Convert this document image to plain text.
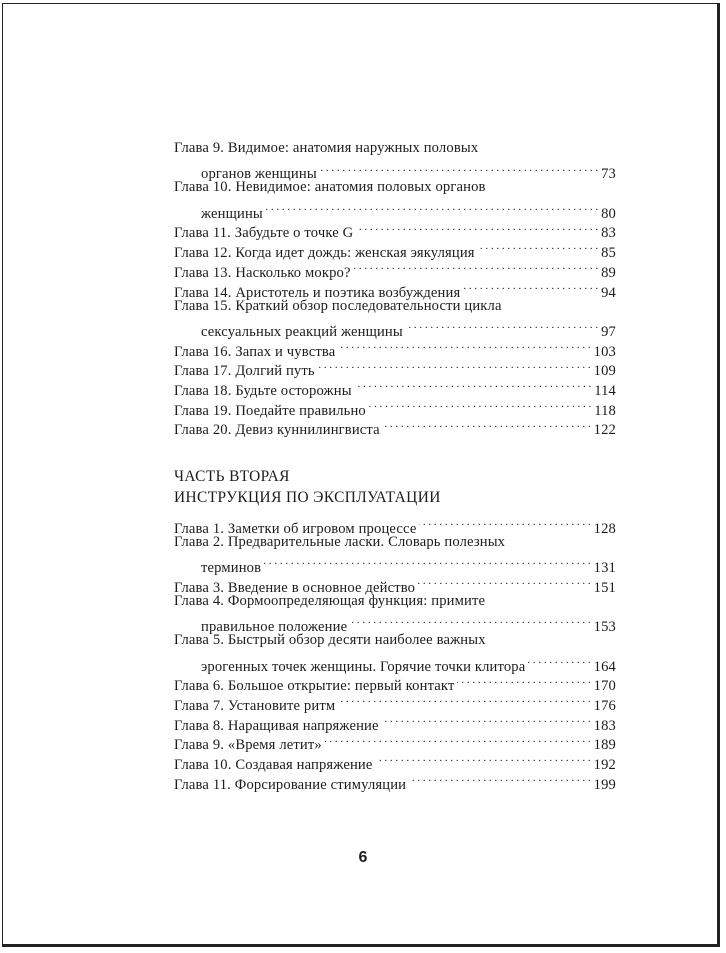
Глава 9. Видимое: анатомия наружных половых
органов женщины . . .	73
Глава 10. Невидимое: анатомия половых органов
женщины . . .	80
Глава 11. Забудьте о точке G . . .	83
Глава 12. Когда идет дождь: женская эякуляция . . .	85
Глава 13. Насколько мокро? . . .	89
Глава 14. Аристотель и поэтика возбуждения . . .	94
Глава 15. Краткий обзор последовательности цикла
сексуальных реакций женщины . . .	97
Глава 16. Запах и чувства . . .	103
Глава 17. Долгий путь . . .	109
Глава 18. Будьте осторожны . . .	114
Глава 19. Поедайте правильно . . .	118
Глава 20. Девиз куннилингвиста . . .	122
ЧАСТЬ ВТОРАЯ
ИНСТРУКЦИЯ ПО ЭКСПЛУАТАЦИИ
Глава 1. Заметки об игровом процессе . . .	128
Глава 2. Предварительные ласки. Словарь полезных
терминов . . .	131
Глава 3. Введение в основное действо . . .	151
Глава 4. Формоопределяющая функция: примите
правильное положение . . .	153
Глава 5. Быстрый обзор десяти наиболее важных
эрогенных точек женщины. Горячие точки клитора . . .	164
Глава 6. Большое открытие: первый контакт . . .	170
Глава 7. Установите ритм . . .	176
Глава 8. Наращивая напряжение . . .	183
Глава 9. «Время летит» . . .	189
Глава 10. Создавая напряжение . . .	192
Глава 11. Форсирование стимуляции . . .	199
6
